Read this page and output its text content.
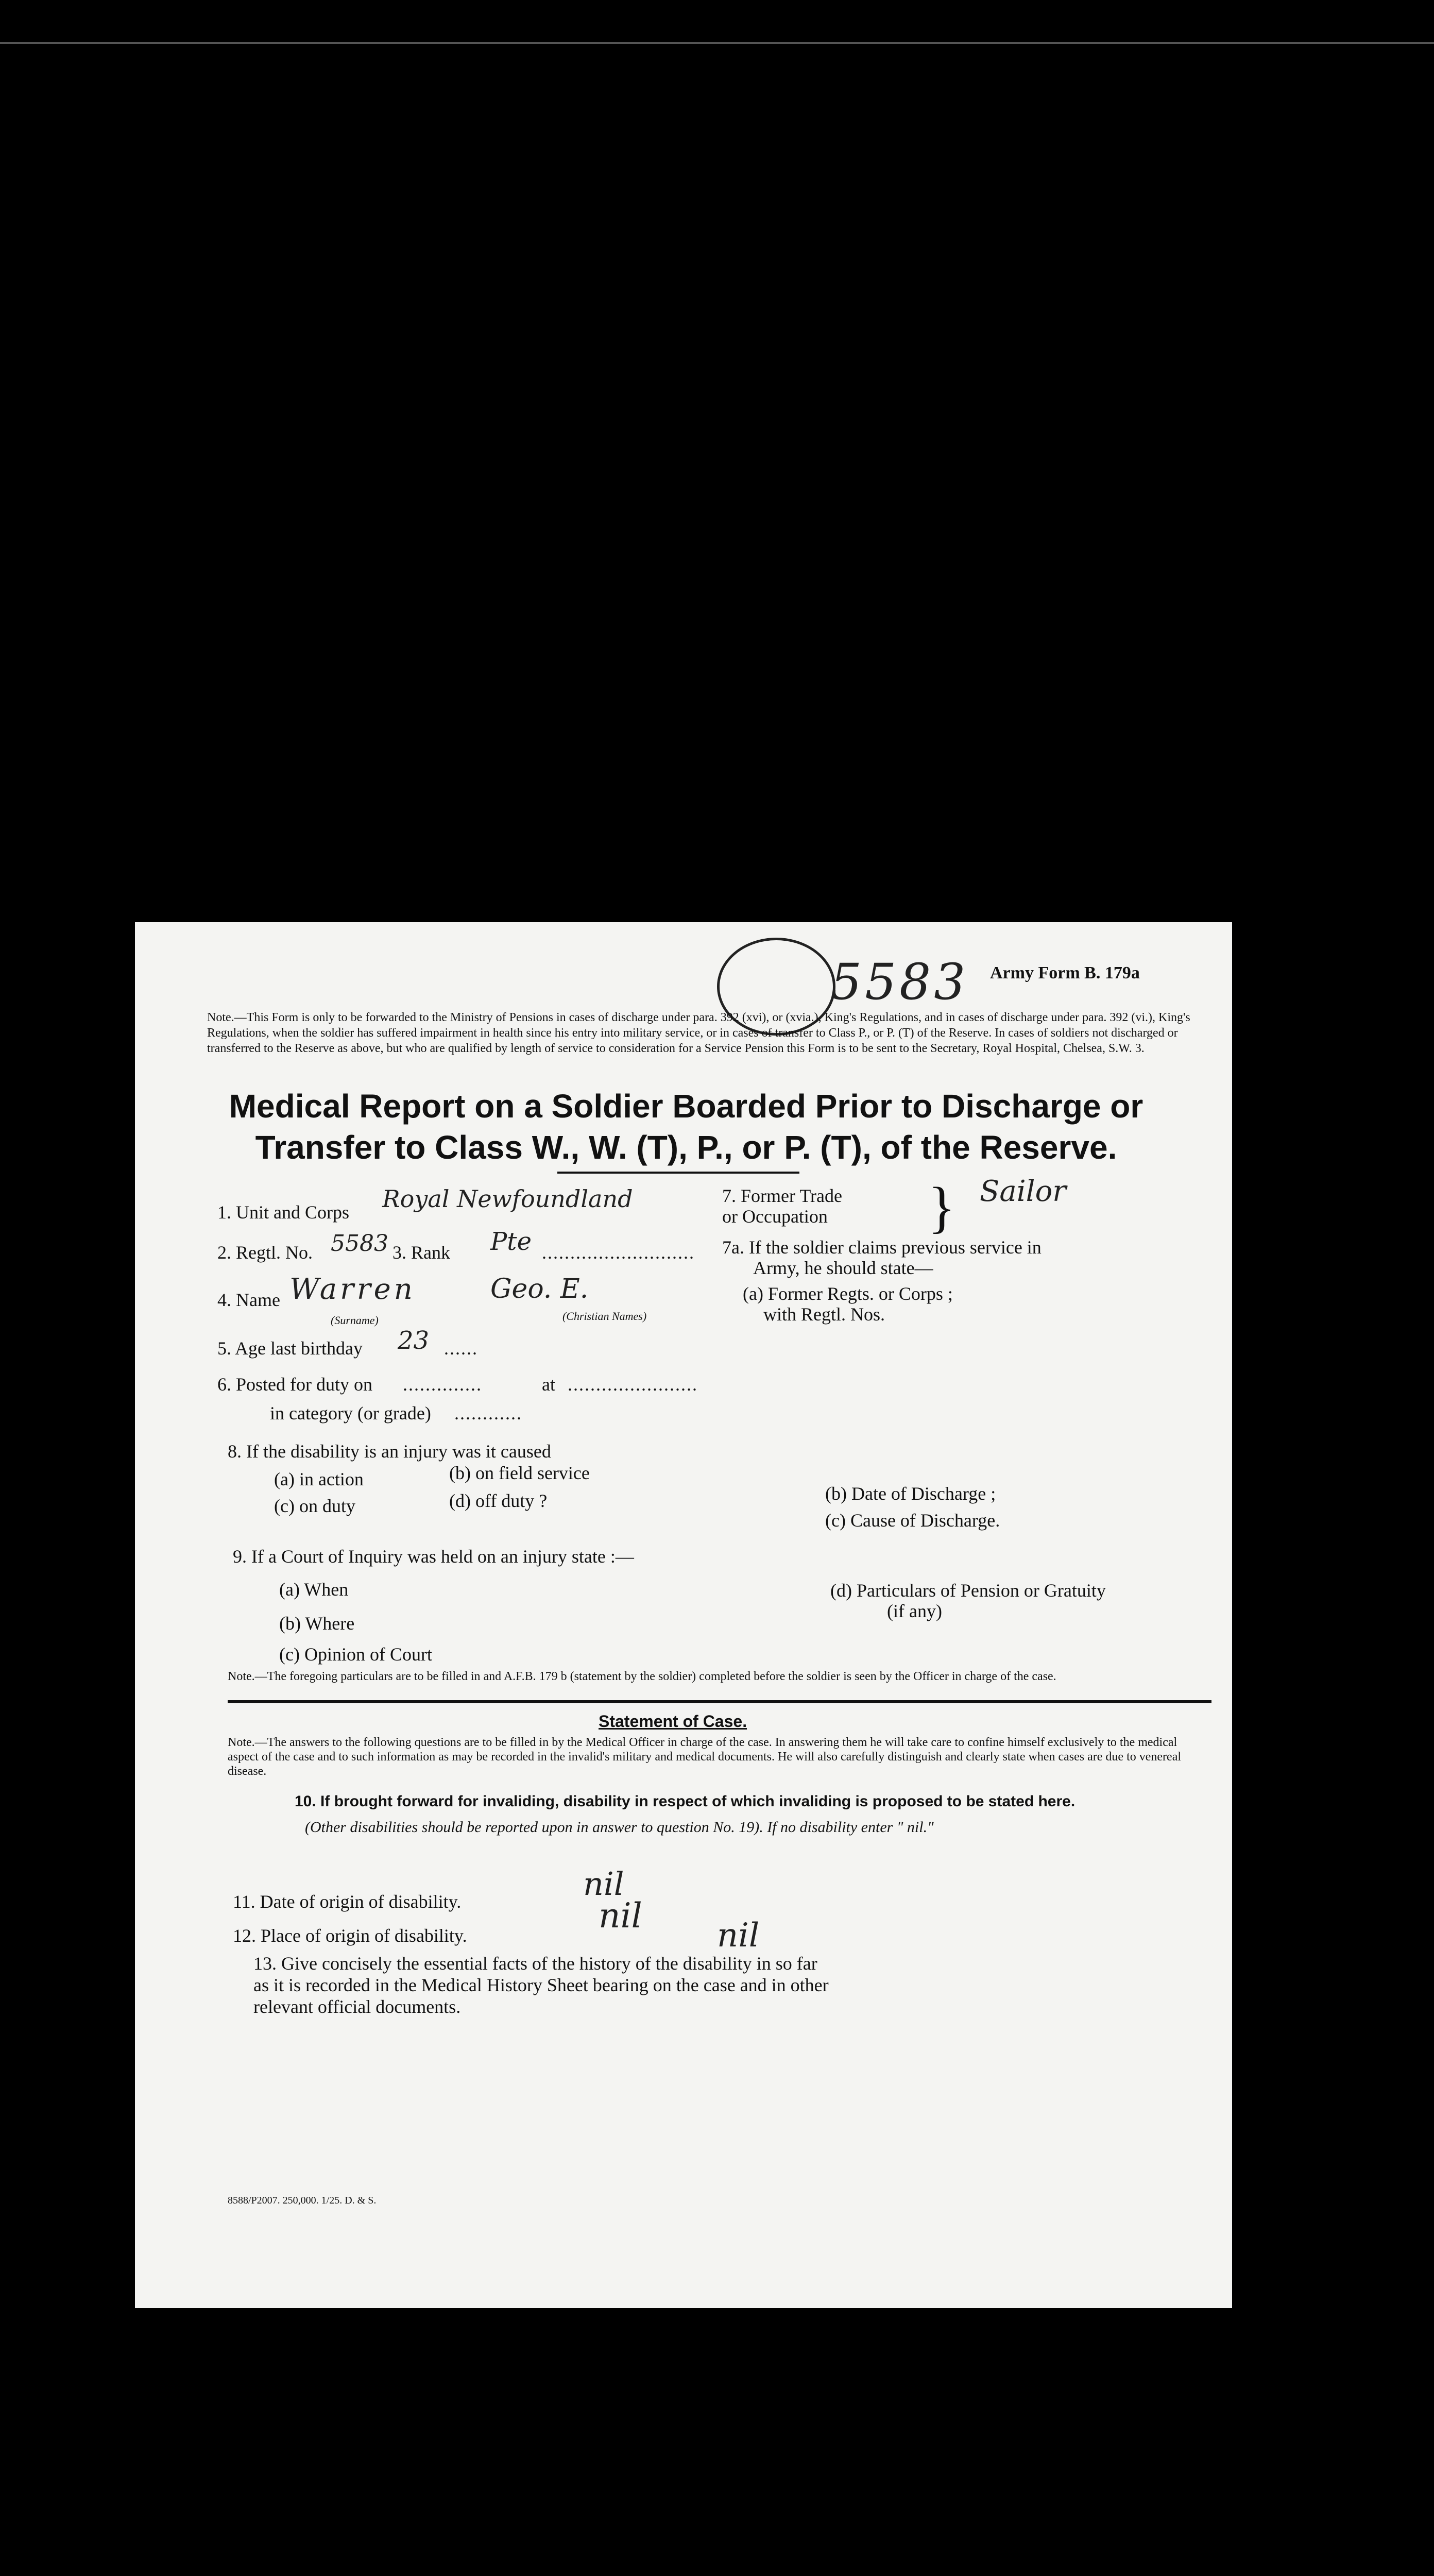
Army Form B. 179a
5583
Note.—This Form is only to be forwarded to the Ministry of Pensions in cases of discharge under para. 392 (xvi), or (xvia.), King's Regulations, and in cases of discharge under para. 392 (vi.), King's Regulations, when the soldier has suffered impairment in health since his entry into military service, or in cases of transfer to Class P., or P. (T) of the Reserve. In cases of soldiers not discharged or transferred to the Reserve as above, but who are qualified by length of service to consideration for a Service Pension this Form is to be sent to the Secretary, Royal Hospital, Chelsea, S.W. 3.
Medical Report on a Soldier Boarded Prior to Discharge or
Transfer to Class W., W. (T), P., or P. (T), of the Reserve.
1. Unit and Corps Royal Newfoundland
2. Regtl. No. 5583 3. Rank Pte ...........................
4. Name Warren	Geo. E.
(Surname)	(Christian Names)
5. Age last birthday 23 ......
6. Posted for duty on ..............	at .......................
in category (or grade) ............
7. Former Trade
or Occupation } Sailor
7a. If the soldier claims previous service in
Army, he should state—
(a) Former Regts. or Corps ;
with Regtl. Nos.
8. If the disability is an injury was it caused
(a) in action	(b) on field service
(c) on duty	(d) off duty ?	(b) Date of Discharge ;
(c) Cause of Discharge.
9. If a Court of Inquiry was held on an injury state :—
(a) When
(b) Where
(c) Opinion of Court
(d) Particulars of Pension or Gratuity
(if any)
Note.—The foregoing particulars are to be filled in and A.F.B. 179 b (statement by the soldier) completed before the soldier is seen by the Officer in charge of the case.
Statement of Case.
Note.—The answers to the following questions are to be filled in by the Medical Officer in charge of the case. In answering them he will take care to confine himself exclusively to the medical aspect of the case and to such information as may be recorded in the invalid's military and medical documents. He will also carefully distinguish and clearly state when cases are due to venereal disease.
10. If brought forward for invaliding, disability in respect of which invaliding is proposed to be stated here.
(Other disabilities should be reported upon in answer to question No. 19). If no disability enter " nil."
11. Date of origin of disability.	nil
12. Place of origin of disability.	nil
13. Give concisely the essential facts of the history of the disability in so far as it is recorded in the Medical History Sheet bearing on the case and in other relevant official documents.
nil
8588/P2007. 250,000. 1/25. D. & S.
